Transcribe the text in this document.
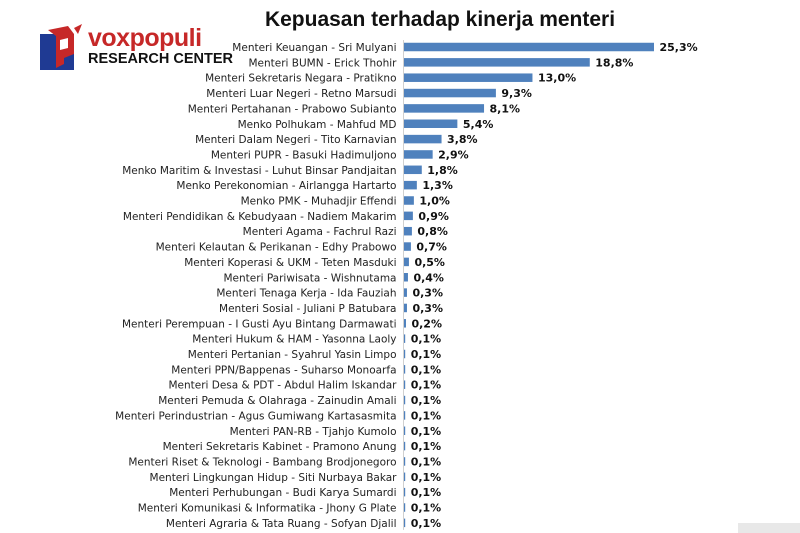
voxpopuli
RESEARCH CENTER
Kepuasan terhadap kinerja menteri
Menteri Keuangan - Sri Mulyani	25,3%
Menteri BUMN - Erick Thohir	18,8%
Menteri Sekretaris Negara - Pratikno	13,0%
Menteri Luar Negeri - Retno Marsudi	9,3%
Menteri Pertahanan - Prabowo Subianto	8,1%
Menko Polhukam - Mahfud MD	5,4%
Menteri Dalam Negeri - Tito Karnavian	3,8%
Menteri PUPR - Basuki Hadimuljono	2,9%
Menko Maritim & Investasi - Luhut Binsar Pandjaitan	1,8%
Menko Perekonomian - Airlangga Hartarto 1,3%
Menko PMK - Muhadjir Effendi 1,0%
Menteri Pendidikan & Kebudyaan - Nadiem Makarim 0,9%
Menteri Agama - Fachrul Razi 0,8%
Menteri Kelautan & Perikanan - Edhy Prabowo 0,7%
Menteri Koperasi & UKM - Teten Masduki 0,5%
Menteri Pariwisata - Wishnutama 0,4%
Menteri Tenaga Kerja - Ida Fauziah 0,3%
Menteri Sosial - Juliani P Batubara 0,3%
Menteri Perempuan - I Gusti Ayu Bintang Darmawati 0,2%
Menteri Hukum & HAM - Yasonna Laoly 0,1%
Menteri Pertanian - Syahrul Yasin Limpo 0,1%
Menteri PPN/Bappenas - Suharso Monoarfa 0,1%
Menteri Desa & PDT - Abdul Halim Iskandar 0,1%
Menteri Pemuda & Olahraga - Zainudin Amali 0,1%
Menteri Perindustrian - Agus Gumiwang Kartasasmita 0,1%
Menteri PAN-RB - Tjahjo Kumolo 0,1%
Menteri Sekretaris Kabinet - Pramono Anung 0,1%
Menteri Riset & Teknologi - Bambang Brodjonegoro 0,1%
Menteri Lingkungan Hidup - Siti Nurbaya Bakar 0,1%
Menteri Perhubungan - Budi Karya Sumardi 0,1%
Menteri Komunikasi & Informatika - Jhony G Plate 0,1%
Menteri Agraria & Tata Ruang - Sofyan Djalil 0,1%
